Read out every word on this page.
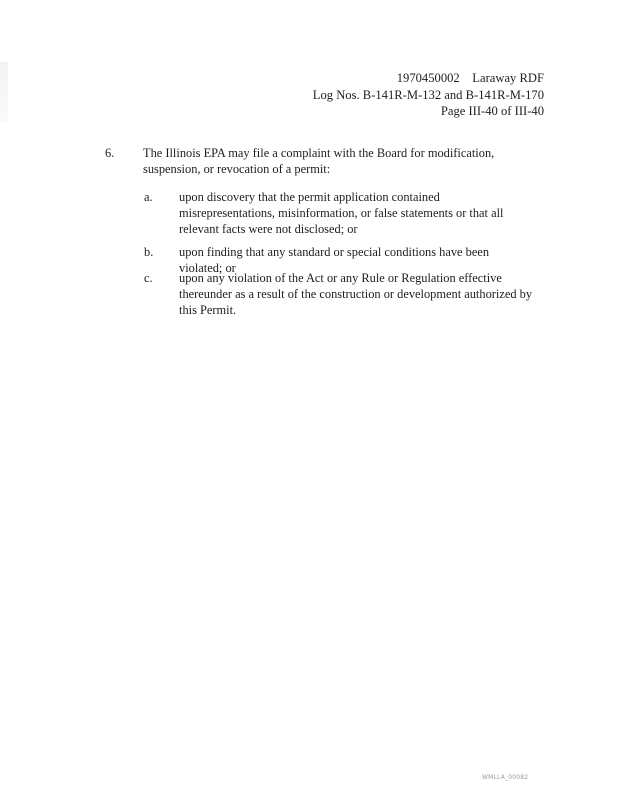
1970450002    Laraway RDF
Log Nos. B-141R-M-132 and B-141R-M-170
Page III-40 of III-40
6. The Illinois EPA may file a complaint with the Board for modification, suspension, or revocation of a permit:
a. upon discovery that the permit application contained misrepresentations, misinformation, or false statements or that all relevant facts were not disclosed; or
b. upon finding that any standard or special conditions have been violated; or
c. upon any violation of the Act or any Rule or Regulation effective thereunder as a result of the construction or development authorized by this Permit.
WMLLA_00082
